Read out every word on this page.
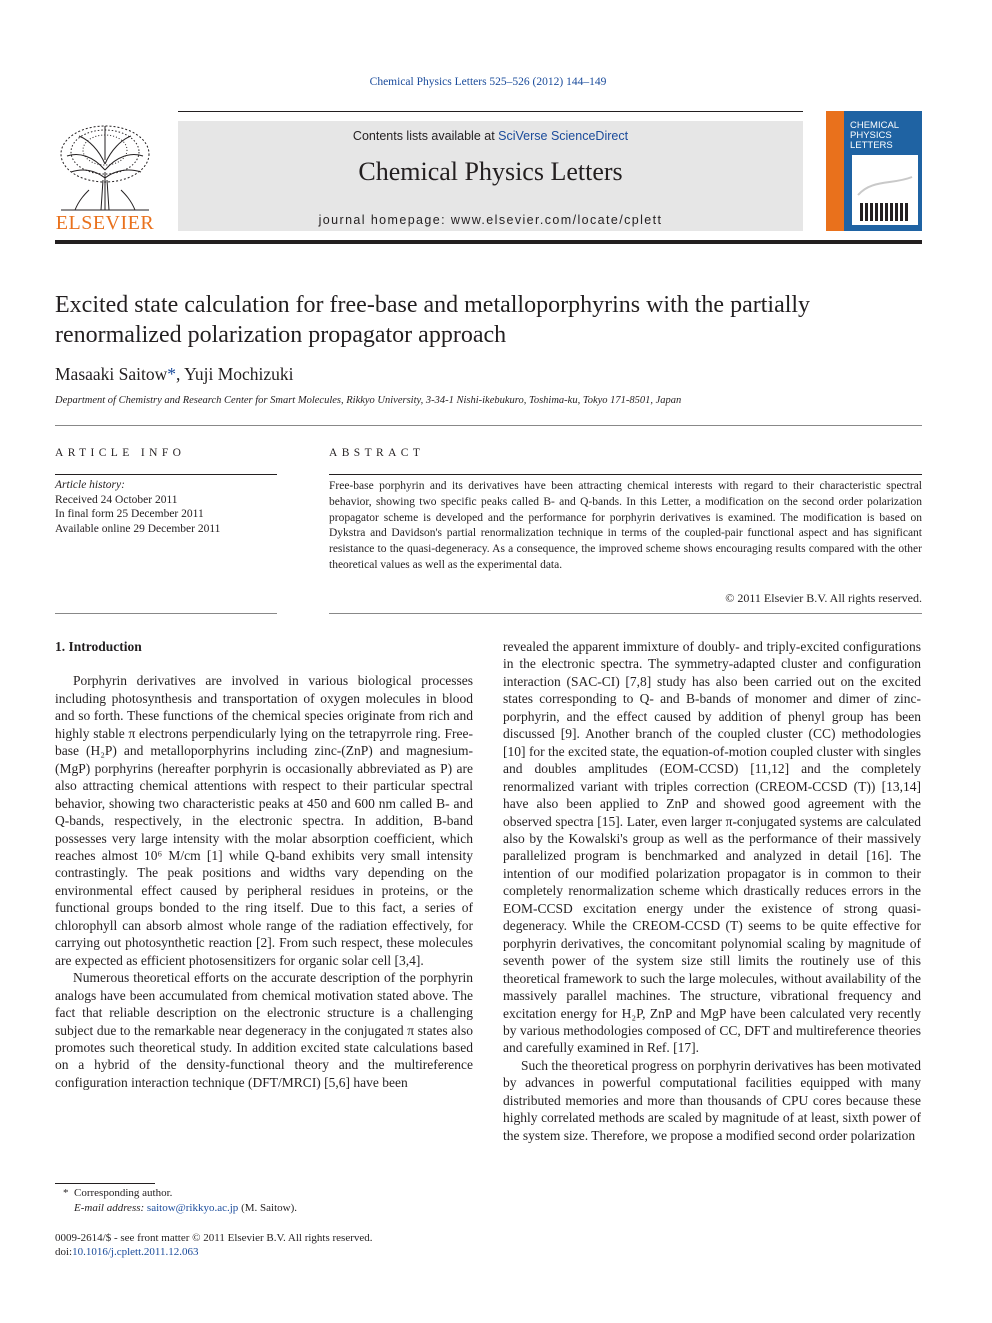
Chemical Physics Letters 525–526 (2012) 144–149
ELSEVIER
Contents lists available at SciVerse ScienceDirect
Chemical Physics Letters
journal homepage: www.elsevier.com/locate/cplett
CHEMICAL
PHYSICS
LETTERS
Excited state calculation for free-base and metalloporphyrins with the partially renormalized polarization propagator approach
Masaaki Saitow*, Yuji Mochizuki
Department of Chemistry and Research Center for Smart Molecules, Rikkyo University, 3-34-1 Nishi-ikebukuro, Toshima-ku, Tokyo 171-8501, Japan
ARTICLE INFO	ABSTRACT
Article history:
Received 24 October 2011
In final form 25 December 2011
Available online 29 December 2011
Free-base porphyrin and its derivatives have been attracting chemical interests with regard to their characteristic spectral behavior, showing two specific peaks called B- and Q-bands. In this Letter, a modification on the second order polarization propagator scheme is developed and the performance for porphyrin derivatives is examined. The modification is based on Dykstra and Davidson's partial renormalization technique in terms of the coupled-pair functional aspect and has significant resistance to the quasi-degeneracy. As a consequence, the improved scheme shows encouraging results compared with the other theoretical values as well as the experimental data.
© 2011 Elsevier B.V. All rights reserved.
1. Introduction

Porphyrin derivatives are involved in various biological processes including photosynthesis and transportation of oxygen molecules in blood and so forth. These functions of the chemical species originate from rich and highly stable π electrons perpendicularly lying on the tetrapyrrole ring. Free-base (H₂P) and metalloporphyrins including zinc-(ZnP) and magnesium-(MgP) porphyrins (hereafter porphyrin is occasionally abbreviated as P) are also attracting chemical attentions with respect to their particular spectral behavior, showing two characteristic peaks at 450 and 600 nm called B- and Q-bands, respectively, in the electronic spectra. In addition, B-band possesses very large intensity with the molar absorption coefficient, which reaches almost 10⁶ M/cm [1] while Q-band exhibits very small intensity contrastingly. The peak positions and widths vary depending on the environmental effect caused by peripheral residues in proteins, or the functional groups bonded to the ring itself. Due to this fact, a series of chlorophyll can absorb almost whole range of the radiation effectively, for carrying out photosynthetic reaction [2]. From such respect, these molecules are expected as efficient photosensitizers for organic solar cell [3,4].

Numerous theoretical efforts on the accurate description of the porphyrin analogs have been accumulated from chemical motivation stated above. The fact that reliable description on the electronic structure is a challenging subject due to the remarkable near degeneracy in the conjugated π states also promotes such theoretical study. In addition excited state calculations based on a hybrid of the density-functional theory and the multireference configuration interaction technique (DFT/MRCI) [5,6] have been

revealed the apparent immixture of doubly- and triply-excited configurations in the electronic spectra. The symmetry-adapted cluster and configuration interaction (SAC-CI) [7,8] study has also been carried out on the excited states corresponding to Q- and B-bands of monomer and dimer of zinc-porphyrin, and the effect caused by addition of phenyl group has been discussed [9]. Another branch of the coupled cluster (CC) methodologies [10] for the excited state, the equation-of-motion coupled cluster with singles and doubles amplitudes (EOM-CCSD) [11,12] and the completely renormalized variant with triples correction (CREOM-CCSD (T)) [13,14] have also been applied to ZnP and showed good agreement with the observed spectra [15]. Later, even larger π-conjugated systems are calculated also by the Kowalski's group as well as the performance of their massively parallelized program is benchmarked and analyzed in detail [16]. The intention of our modified polarization propagator is in common to their completely renormalization scheme which drastically reduces errors in the EOM-CCSD excitation energy under the existence of strong quasi-degeneracy. While the CREOM-CCSD (T) seems to be quite effective for porphyrin derivatives, the concomitant polynomial scaling by magnitude of seventh power of the system size still limits the routinely use of this theoretical framework to such the large molecules, without availability of the massively parallel machines. The structure, vibrational frequency and excitation energy for H₂P, ZnP and MgP have been calculated very recently by various methodologies composed of CC, DFT and multireference theories and carefully examined in Ref. [17].

Such the theoretical progress on porphyrin derivatives has been motivated by advances in powerful computational facilities equipped with many distributed memories and more than thousands of CPU cores because these highly correlated methods are scaled by magnitude of at least, sixth power of the system size. Therefore, we propose a modified second order polarization

* Corresponding author.
E-mail address: saitow@rikkyo.ac.jp (M. Saitow).
0009-2614/$ - see front matter © 2011 Elsevier B.V. All rights reserved.
doi:10.1016/j.cplett.2011.12.063
